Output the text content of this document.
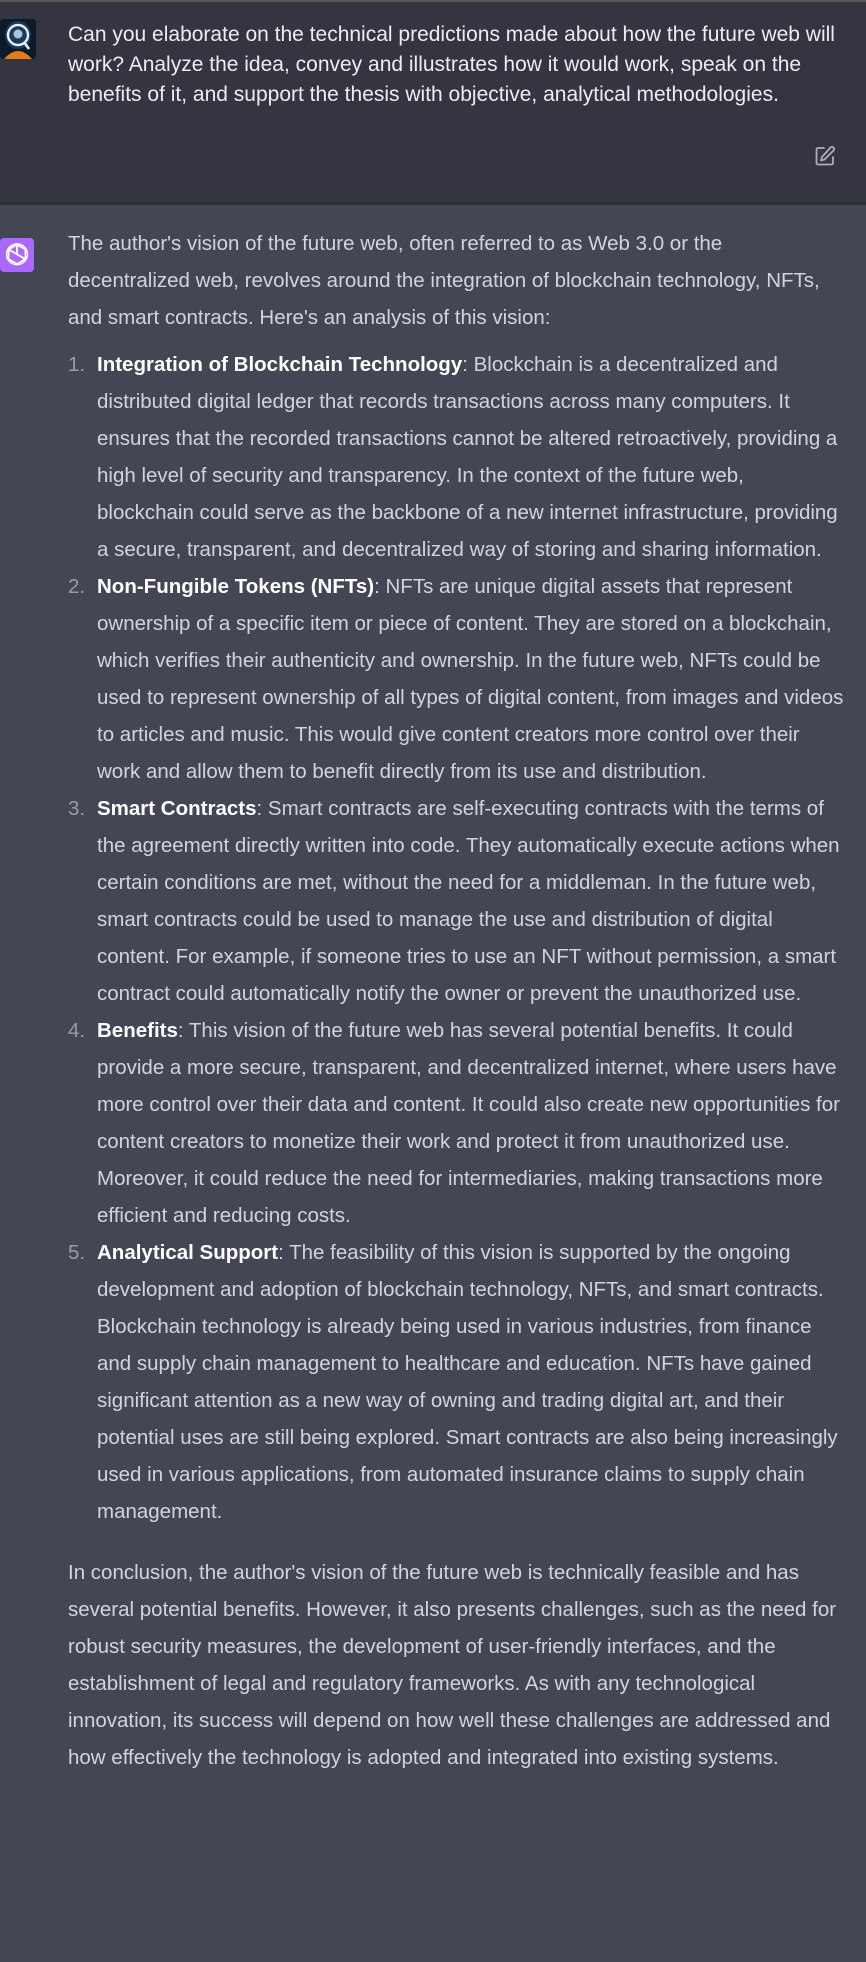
Can you elaborate on the technical predictions made about how the future web will work? Analyze the idea, convey and illustrates how it would work, speak on the benefits of it, and support the thesis with objective, analytical methodologies.

The author's vision of the future web, often referred to as Web 3.0 or the decentralized web, revolves around the integration of blockchain technology, NFTs, and smart contracts. Here's an analysis of this vision:

1. Integration of Blockchain Technology: Blockchain is a decentralized and distributed digital ledger that records transactions across many computers. It ensures that the recorded transactions cannot be altered retroactively, providing a high level of security and transparency. In the context of the future web, blockchain could serve as the backbone of a new internet infrastructure, providing a secure, transparent, and decentralized way of storing and sharing information.
2. Non-Fungible Tokens (NFTs): NFTs are unique digital assets that represent ownership of a specific item or piece of content. They are stored on a blockchain, which verifies their authenticity and ownership. In the future web, NFTs could be used to represent ownership of all types of digital content, from images and videos to articles and music. This would give content creators more control over their work and allow them to benefit directly from its use and distribution.
3. Smart Contracts: Smart contracts are self-executing contracts with the terms of the agreement directly written into code. They automatically execute actions when certain conditions are met, without the need for a middleman. In the future web, smart contracts could be used to manage the use and distribution of digital content. For example, if someone tries to use an NFT without permission, a smart contract could automatically notify the owner or prevent the unauthorized use.
4. Benefits: This vision of the future web has several potential benefits. It could provide a more secure, transparent, and decentralized internet, where users have more control over their data and content. It could also create new opportunities for content creators to monetize their work and protect it from unauthorized use. Moreover, it could reduce the need for intermediaries, making transactions more efficient and reducing costs.
5. Analytical Support: The feasibility of this vision is supported by the ongoing development and adoption of blockchain technology, NFTs, and smart contracts. Blockchain technology is already being used in various industries, from finance and supply chain management to healthcare and education. NFTs have gained significant attention as a new way of owning and trading digital art, and their potential uses are still being explored. Smart contracts are also being increasingly used in various applications, from automated insurance claims to supply chain management.

In conclusion, the author's vision of the future web is technically feasible and has several potential benefits. However, it also presents challenges, such as the need for robust security measures, the development of user-friendly interfaces, and the establishment of legal and regulatory frameworks. As with any technological innovation, its success will depend on how well these challenges are addressed and how effectively the technology is adopted and integrated into existing systems.
